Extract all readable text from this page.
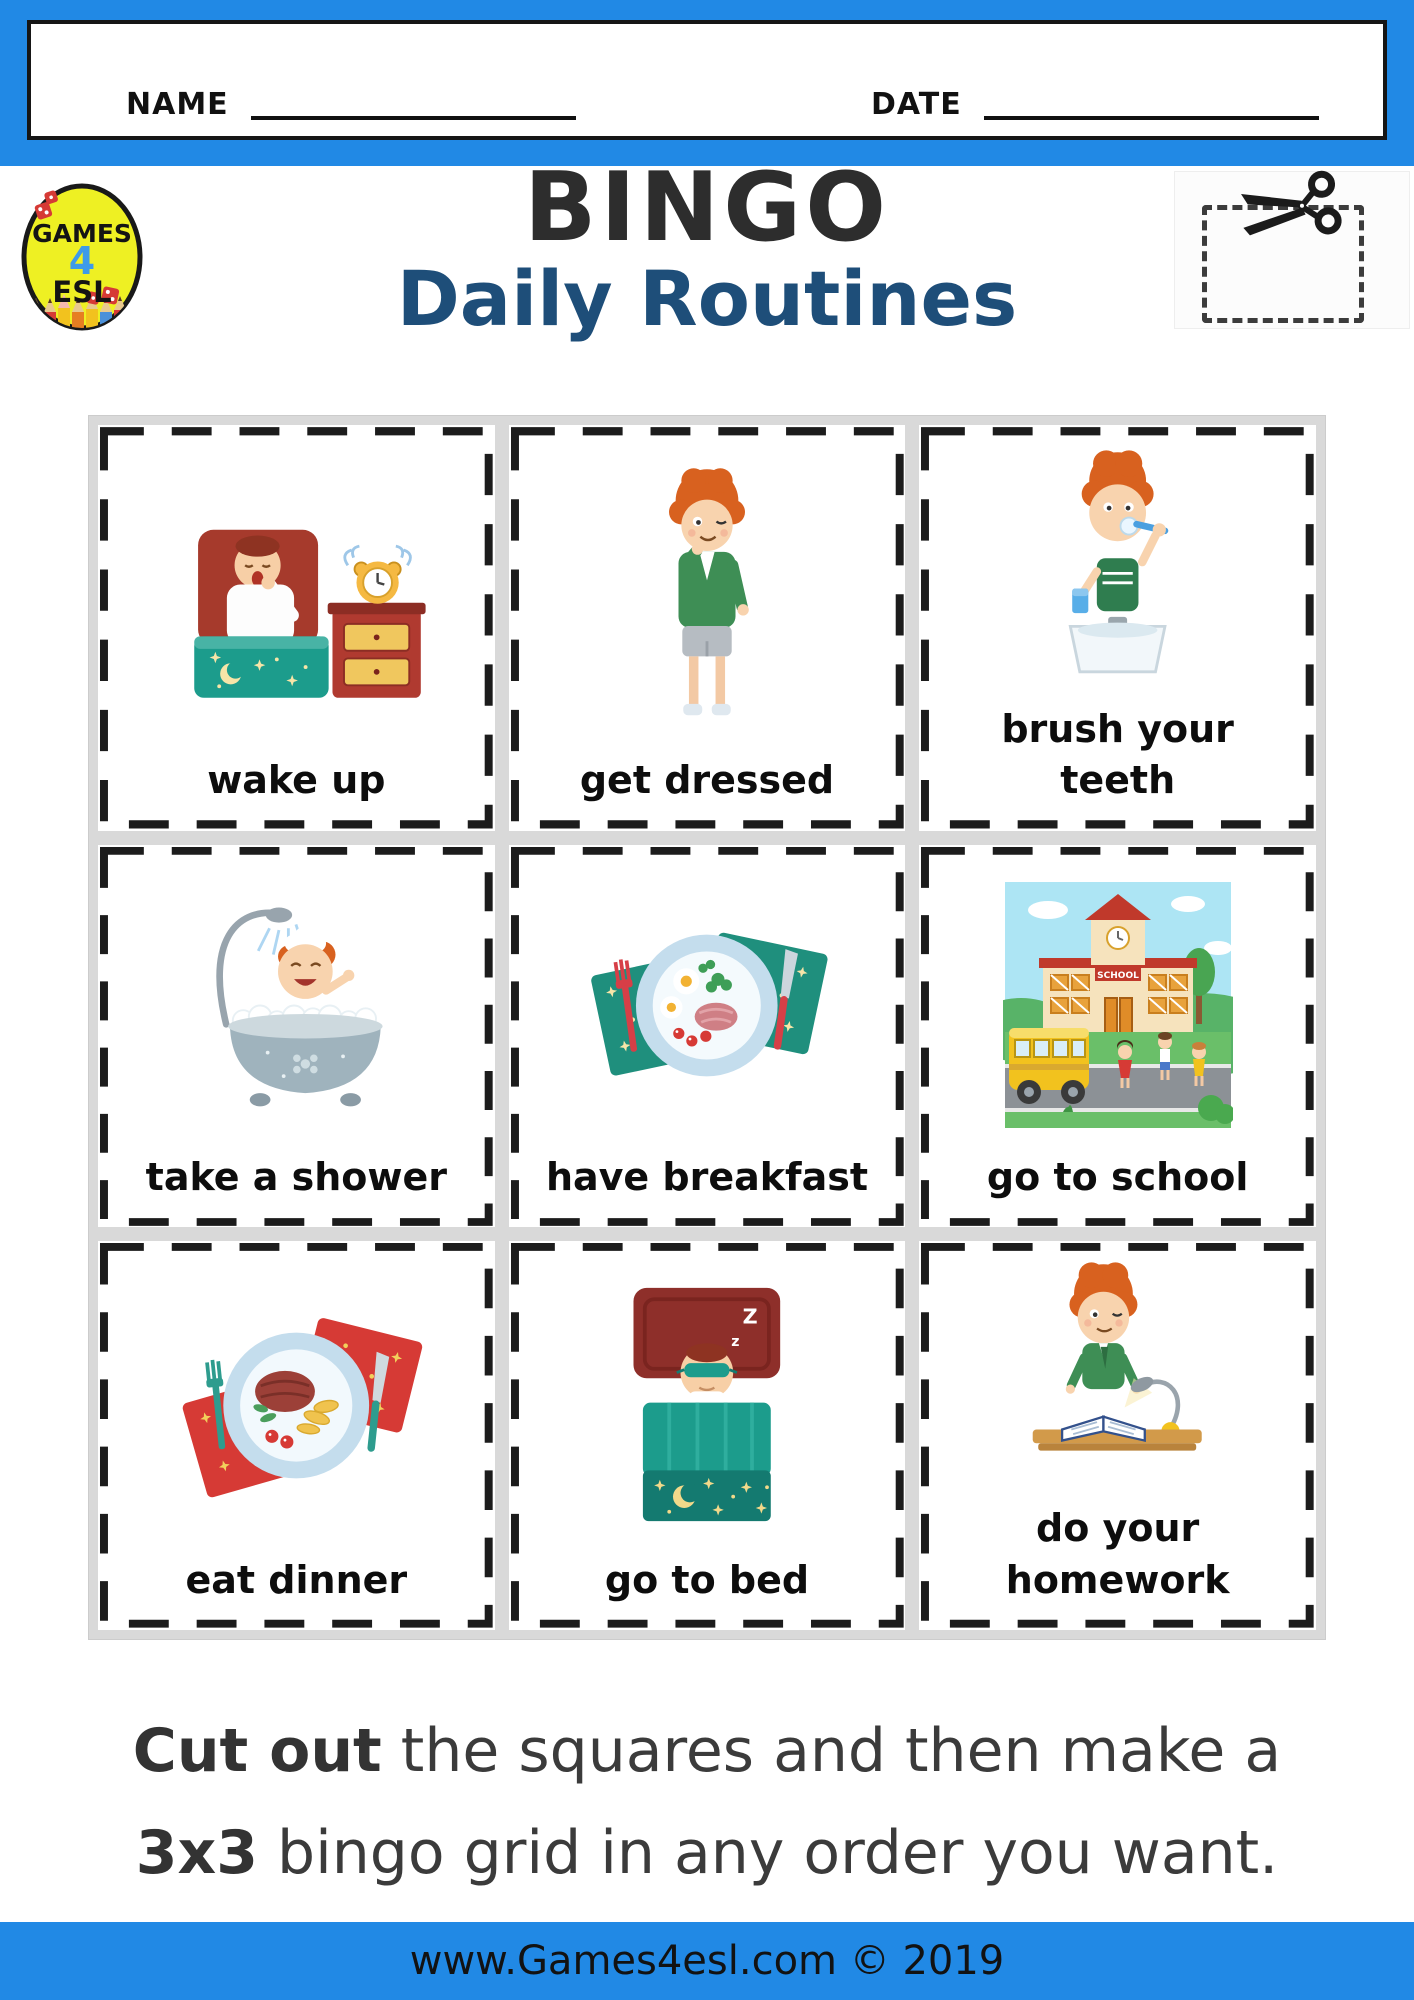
NAME	DATE
GAMES
4
ESL
BINGO
Daily Routines
wake up	get dressed
brush your teeth
take a shower	have breakfast
SCHOOL
go to school
eat dinner
Z
z
go to bed
do your homework
Cut out the squares and then make a
3x3 bingo grid in any order you want.
www.Games4esl.com © 2019
